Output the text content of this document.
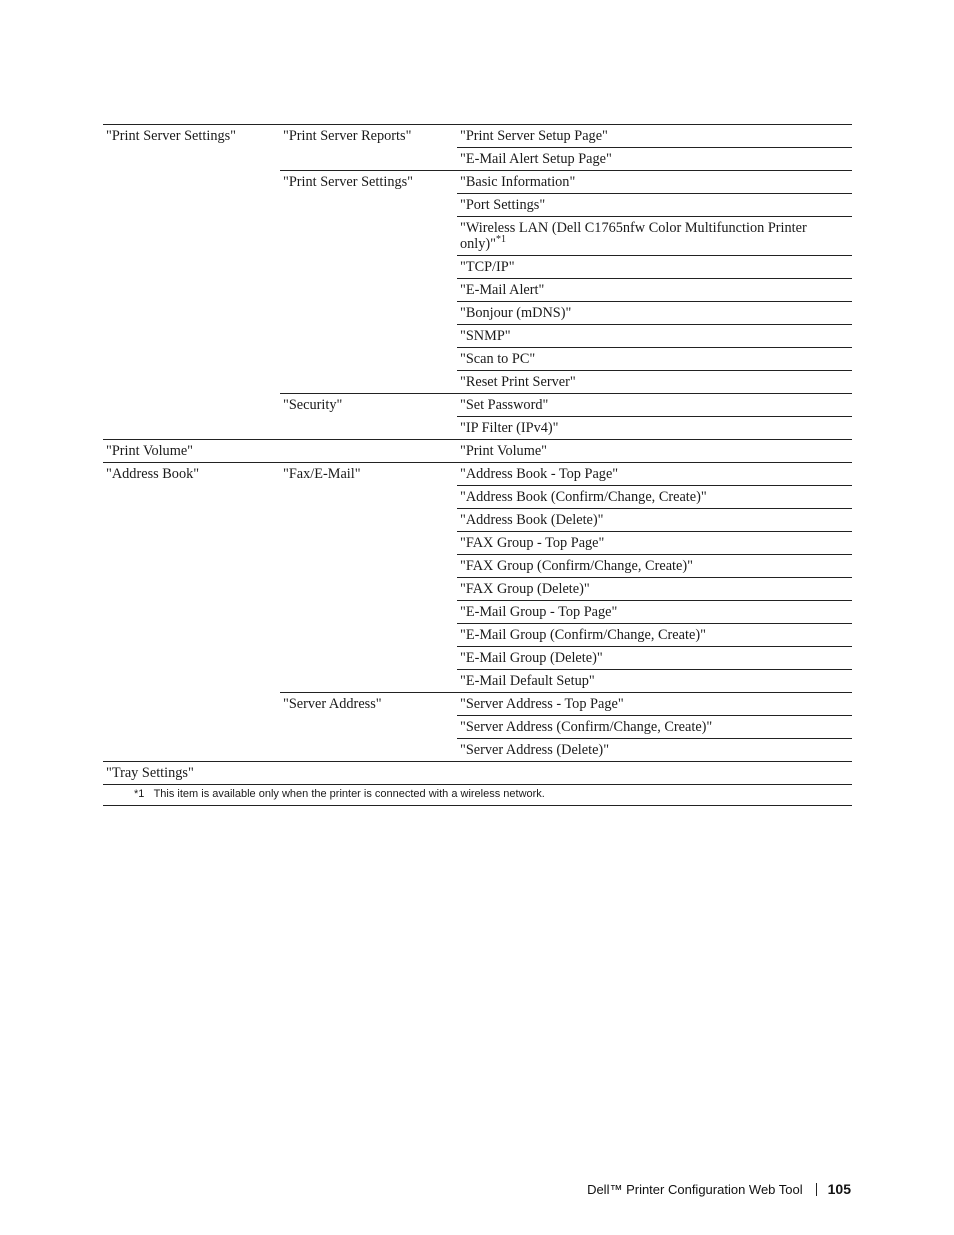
"Print Server Settings"	"Print Server Reports"	"Print Server Setup Page"
		"E-Mail Alert Setup Page"
	"Print Server Settings"	"Basic Information"
		"Port Settings"
		"Wireless LAN (Dell C1765nfw Color Multifunction Printer only)"$^{*1}$
		"TCP/IP"
		"E-Mail Alert"
		"Bonjour (mDNS)"
		"SNMP"
		"Scan to PC"
		"Reset Print Server"
	"Security"	"Set Password"
		"IP Filter (IPv4)"
"Print Volume"		"Print Volume"
"Address Book"	"Fax/E-Mail"	"Address Book - Top Page"
		"Address Book (Confirm/Change, Create)"
		"Address Book (Delete)"
		"FAX Group - Top Page"
		"FAX Group (Confirm/Change, Create)"
		"FAX Group (Delete)"
		"E-Mail Group - Top Page"
		"E-Mail Group (Confirm/Change, Create)"
		"E-Mail Group (Delete)"
		"E-Mail Default Setup"
	"Server Address"	"Server Address - Top Page"
		"Server Address (Confirm/Change, Create)"
		"Server Address (Delete)"
"Tray Settings"		
*1 This item is available only when the printer is connected with a wireless network.		
Dell™ Printer Configuration Web Tool 105
